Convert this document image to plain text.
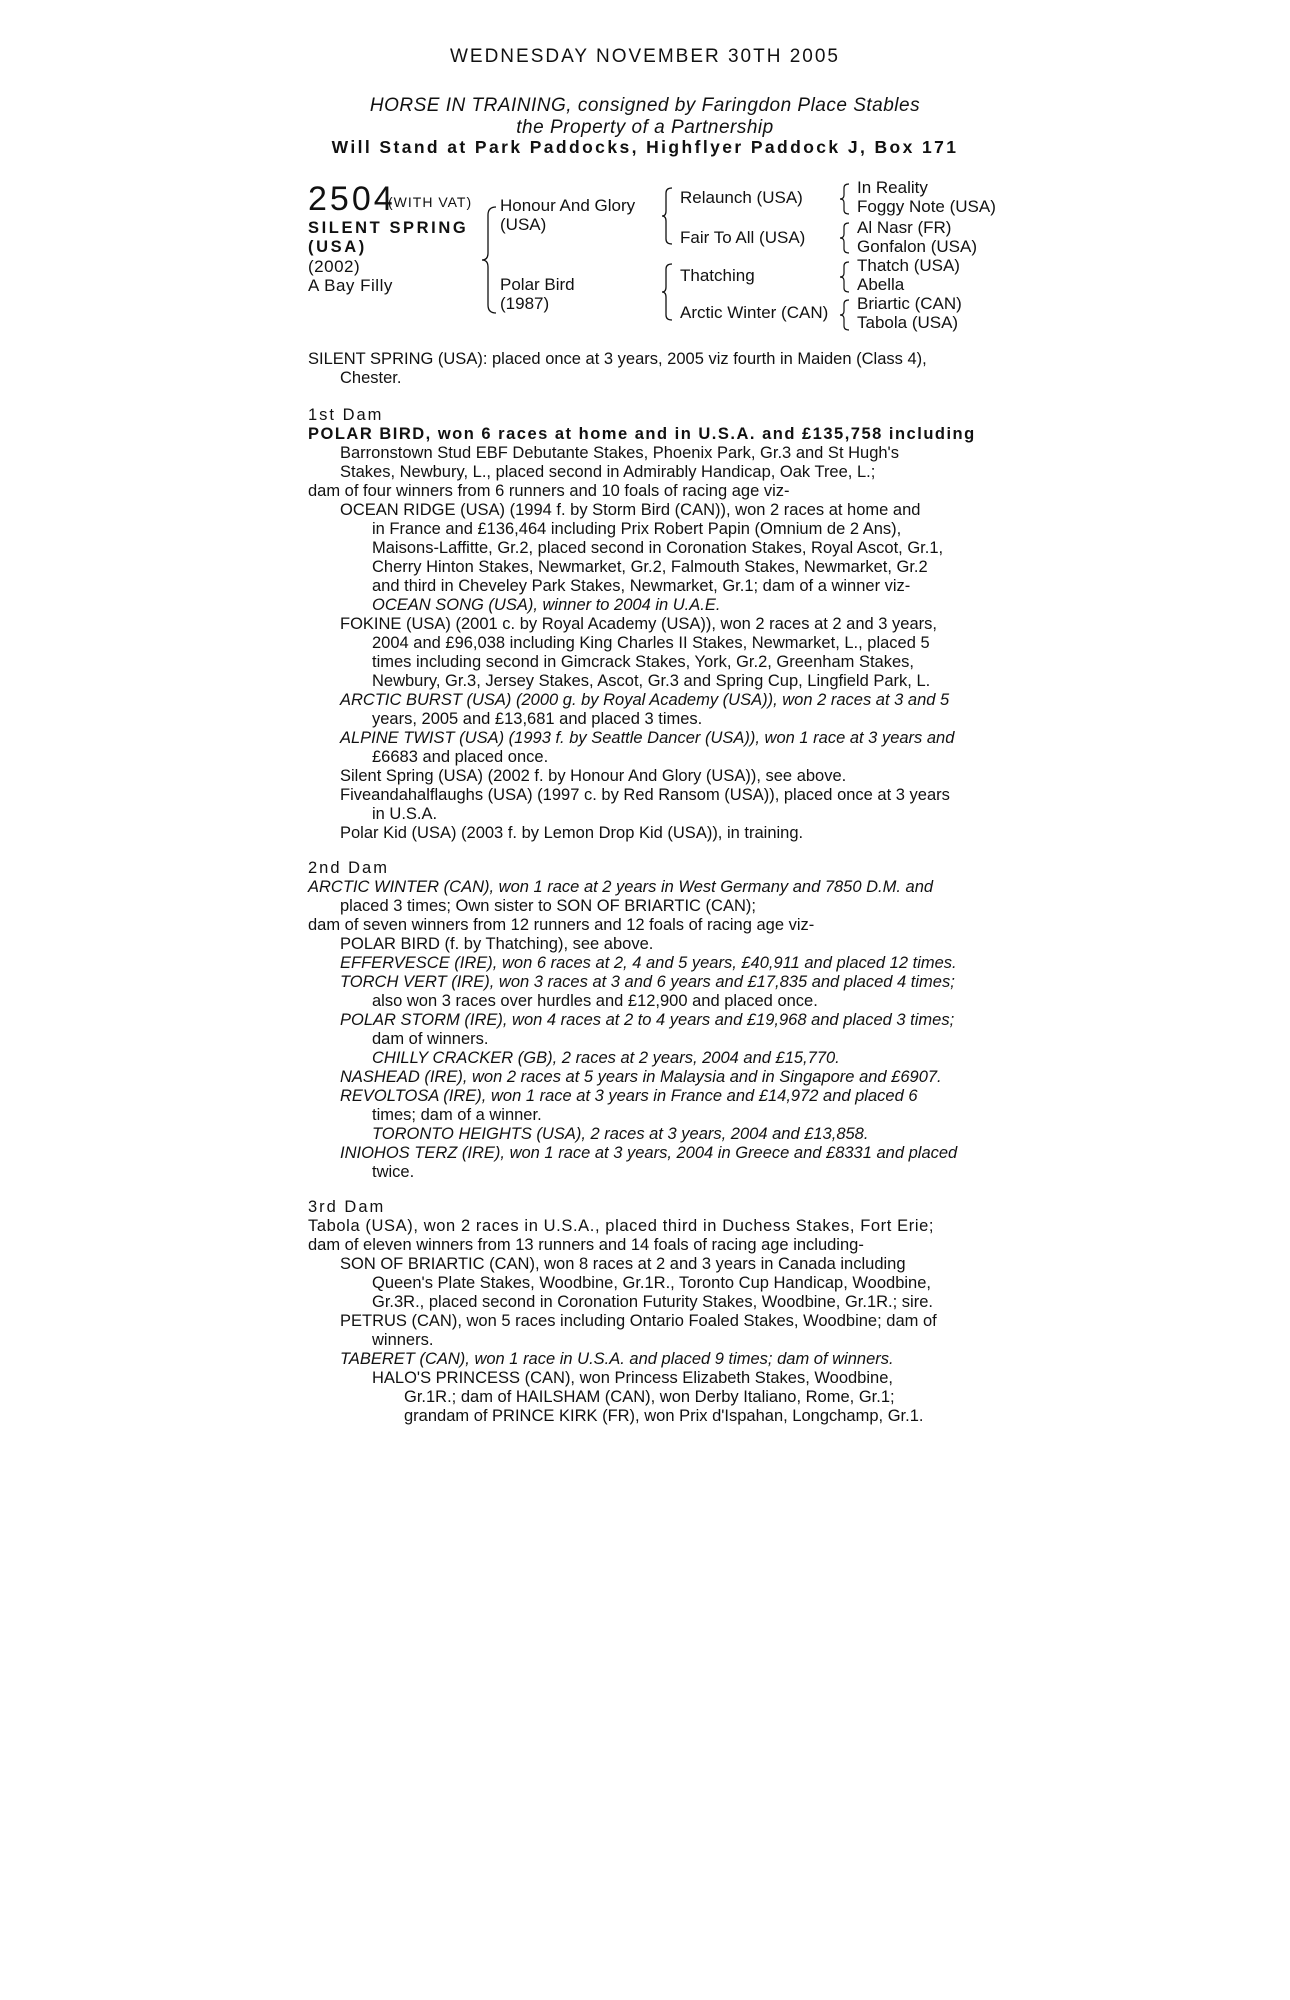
WEDNESDAY NOVEMBER 30TH 2005
HORSE IN TRAINING, consigned by Faringdon Place Stables
the Property of a Partnership
Will Stand at Park Paddocks, Highflyer Paddock J, Box 171
2504
(WITH VAT)
SILENT SPRING
(USA)
(2002)
A Bay Filly
Honour And Glory
(USA)
Polar Bird
(1987)
Relaunch (USA)
Fair To All (USA)
Thatching
Arctic Winter (CAN)
In Reality
Foggy Note (USA)
Al Nasr (FR)
Gonfalon (USA)
Thatch (USA)
Abella
Briartic (CAN)
Tabola (USA)
SILENT SPRING (USA): placed once at 3 years, 2005 viz fourth in Maiden (Class 4),
Chester.
1st Dam
POLAR BIRD, won 6 races at home and in U.S.A. and £135,758 including
Barronstown Stud EBF Debutante Stakes, Phoenix Park, Gr.3 and St Hugh's
Stakes, Newbury, L., placed second in Admirably Handicap, Oak Tree, L.;
dam of four winners from 6 runners and 10 foals of racing age viz-
OCEAN RIDGE (USA) (1994 f. by Storm Bird (CAN)), won 2 races at home and
in France and £136,464 including Prix Robert Papin (Omnium de 2 Ans),
Maisons-Laffitte, Gr.2, placed second in Coronation Stakes, Royal Ascot, Gr.1,
Cherry Hinton Stakes, Newmarket, Gr.2, Falmouth Stakes, Newmarket, Gr.2
and third in Cheveley Park Stakes, Newmarket, Gr.1; dam of a winner viz-
OCEAN SONG (USA), winner to 2004 in U.A.E.
FOKINE (USA) (2001 c. by Royal Academy (USA)), won 2 races at 2 and 3 years,
2004 and £96,038 including King Charles II Stakes, Newmarket, L., placed 5
times including second in Gimcrack Stakes, York, Gr.2, Greenham Stakes,
Newbury, Gr.3, Jersey Stakes, Ascot, Gr.3 and Spring Cup, Lingfield Park, L.
ARCTIC BURST (USA) (2000 g. by Royal Academy (USA)), won 2 races at 3 and 5
years, 2005 and £13,681 and placed 3 times.
ALPINE TWIST (USA) (1993 f. by Seattle Dancer (USA)), won 1 race at 3 years and
£6683 and placed once.
Silent Spring (USA) (2002 f. by Honour And Glory (USA)), see above.
Fiveandahalflaughs (USA) (1997 c. by Red Ransom (USA)), placed once at 3 years
in U.S.A.
Polar Kid (USA) (2003 f. by Lemon Drop Kid (USA)), in training.
2nd Dam
ARCTIC WINTER (CAN), won 1 race at 2 years in West Germany and 7850 D.M. and
placed 3 times; Own sister to SON OF BRIARTIC (CAN);
dam of seven winners from 12 runners and 12 foals of racing age viz-
POLAR BIRD (f. by Thatching), see above.
EFFERVESCE (IRE), won 6 races at 2, 4 and 5 years, £40,911 and placed 12 times.
TORCH VERT (IRE), won 3 races at 3 and 6 years and £17,835 and placed 4 times;
also won 3 races over hurdles and £12,900 and placed once.
POLAR STORM (IRE), won 4 races at 2 to 4 years and £19,968 and placed 3 times;
dam of winners.
CHILLY CRACKER (GB), 2 races at 2 years, 2004 and £15,770.
NASHEAD (IRE), won 2 races at 5 years in Malaysia and in Singapore and £6907.
REVOLTOSA (IRE), won 1 race at 3 years in France and £14,972 and placed 6
times; dam of a winner.
TORONTO HEIGHTS (USA), 2 races at 3 years, 2004 and £13,858.
INIOHOS TERZ (IRE), won 1 race at 3 years, 2004 in Greece and £8331 and placed
twice.
3rd Dam
Tabola (USA), won 2 races in U.S.A., placed third in Duchess Stakes, Fort Erie;
dam of eleven winners from 13 runners and 14 foals of racing age including-
SON OF BRIARTIC (CAN), won 8 races at 2 and 3 years in Canada including
Queen's Plate Stakes, Woodbine, Gr.1R., Toronto Cup Handicap, Woodbine,
Gr.3R., placed second in Coronation Futurity Stakes, Woodbine, Gr.1R.; sire.
PETRUS (CAN), won 5 races including Ontario Foaled Stakes, Woodbine; dam of
winners.
TABERET (CAN), won 1 race in U.S.A. and placed 9 times; dam of winners.
HALO'S PRINCESS (CAN), won Princess Elizabeth Stakes, Woodbine,
Gr.1R.; dam of HAILSHAM (CAN), won Derby Italiano, Rome, Gr.1;
grandam of PRINCE KIRK (FR), won Prix d'Ispahan, Longchamp, Gr.1.
